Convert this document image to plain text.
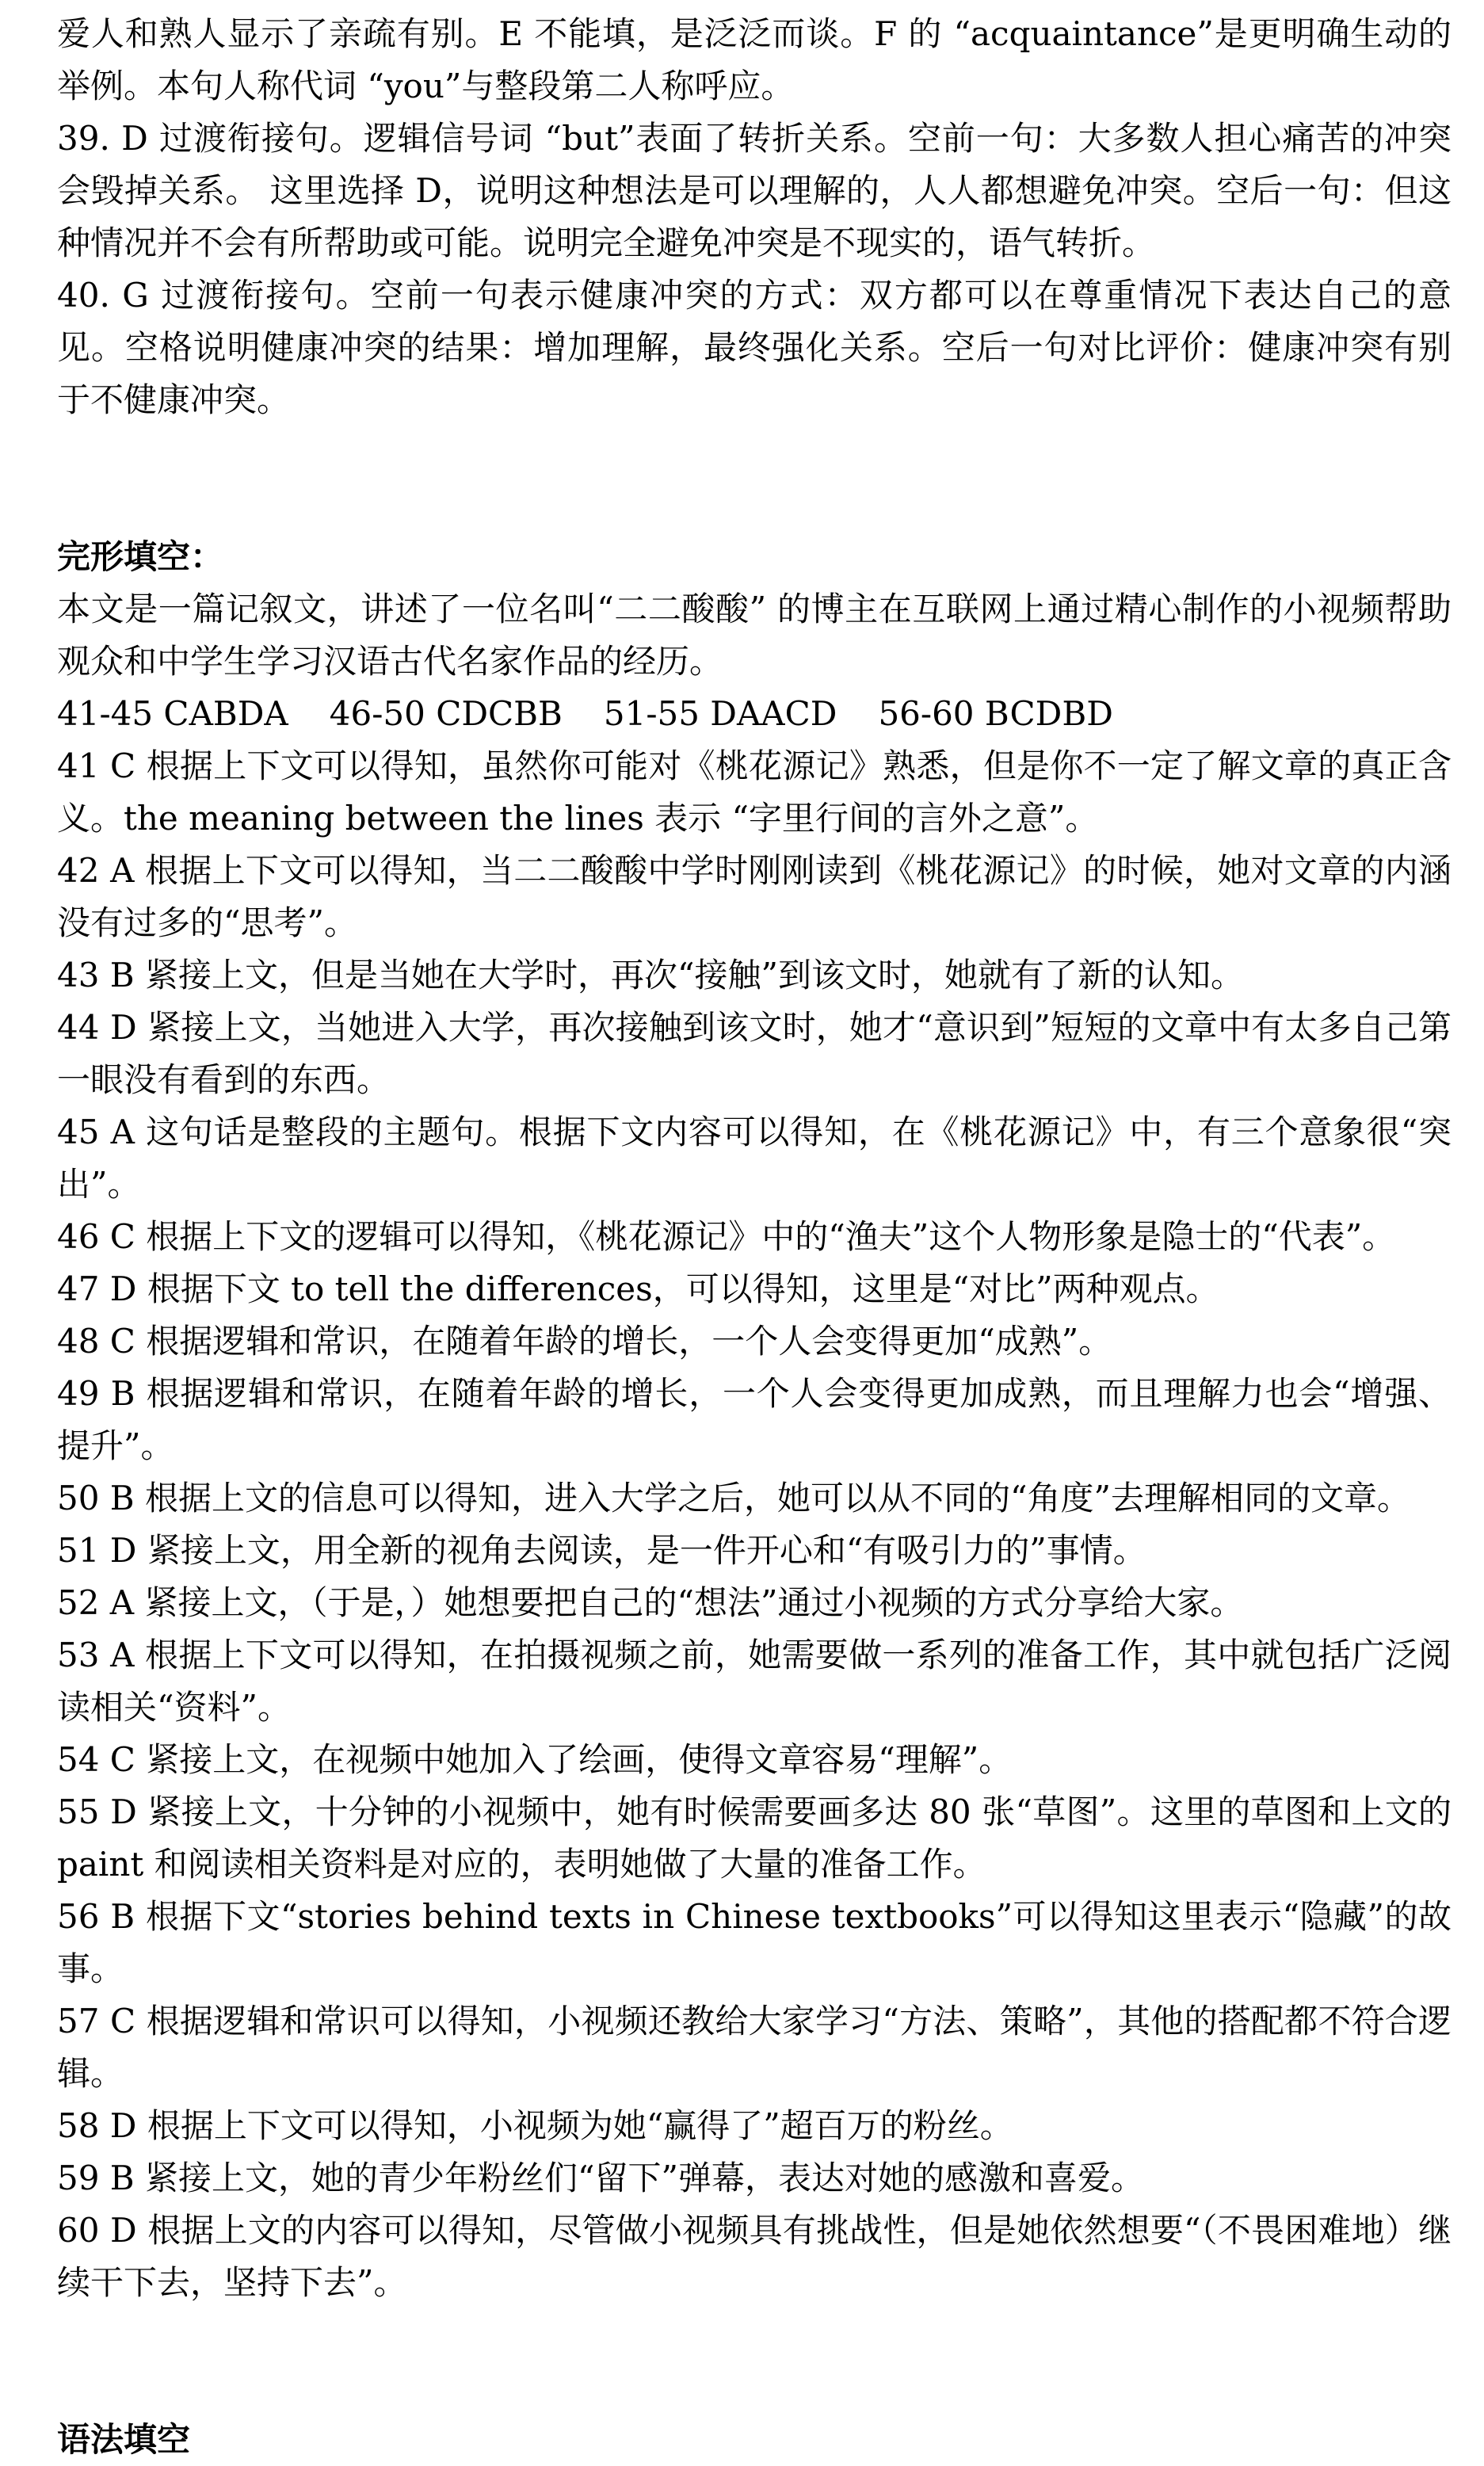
爱人和熟人显示了亲疏有别。E 不能填，是泛泛而谈。F 的 “acquaintance”是更明确生动的举例。本句人称代词 “you”与整段第二人称呼应。

39. D 过渡衔接句。逻辑信号词 “but”表面了转折关系。空前一句：大多数人担心痛苦的冲突会毁掉关系。 这里选择 D，说明这种想法是可以理解的，人人都想避免冲突。空后一句：但这种情况并不会有所帮助或可能。说明完全避免冲突是不现实的，语气转折。

40. G 过渡衔接句。空前一句表示健康冲突的方式：双方都可以在尊重情况下表达自己的意见。空格说明健康冲突的结果：增加理解，最终强化关系。空后一句对比评价：健康冲突有别于不健康冲突。

完形填空：

本文是一篇记叙文，讲述了一位名叫“二二酸酸” 的博主在互联网上通过精心制作的小视频帮助观众和中学生学习汉语古代名家作品的经历。

41-45 CABDA 46-50 CDCBB 51-55 DAACD 56-60 BCDBD

41 C 根据上下文可以得知，虽然你可能对《桃花源记》熟悉，但是你不一定了解文章的真正含义。the meaning between the lines 表示 “字里行间的言外之意”。

42 A 根据上下文可以得知，当二二酸酸中学时刚刚读到《桃花源记》的时候，她对文章的内涵没有过多的“思考”。

43 B 紧接上文，但是当她在大学时，再次“接触”到该文时，她就有了新的认知。

44 D 紧接上文，当她进入大学，再次接触到该文时，她才“意识到”短短的文章中有太多自己第一眼没有看到的东西。

45 A 这句话是整段的主题句。根据下文内容可以得知，在《桃花源记》中，有三个意象很“突出”。

46 C 根据上下文的逻辑可以得知，《桃花源记》中的“渔夫”这个人物形象是隐士的“代表”。

47 D 根据下文 to tell the differences，可以得知，这里是“对比”两种观点。

48 C 根据逻辑和常识，在随着年龄的增长，一个人会变得更加“成熟”。

49 B 根据逻辑和常识，在随着年龄的增长，一个人会变得更加成熟，而且理解力也会“增强、提升”。

50 B 根据上文的信息可以得知，进入大学之后，她可以从不同的“角度”去理解相同的文章。

51 D 紧接上文，用全新的视角去阅读，是一件开心和“有吸引力的”事情。

52 A 紧接上文，（于是，）她想要把自己的“想法”通过小视频的方式分享给大家。

53 A 根据上下文可以得知，在拍摄视频之前，她需要做一系列的准备工作，其中就包括广泛阅读相关“资料”。

54 C 紧接上文，在视频中她加入了绘画，使得文章容易“理解”。

55 D 紧接上文，十分钟的小视频中，她有时候需要画多达 80 张“草图”。这里的草图和上文的 paint 和阅读相关资料是对应的，表明她做了大量的准备工作。

56 B 根据下文“stories behind texts in Chinese textbooks”可以得知这里表示“隐藏”的故事。

57 C 根据逻辑和常识可以得知，小视频还教给大家学习“方法、策略”，其他的搭配都不符合逻辑。

58 D 根据上下文可以得知，小视频为她“赢得了”超百万的粉丝。

59 B 紧接上文，她的青少年粉丝们“留下”弹幕，表达对她的感激和喜爱。

60 D 根据上文的内容可以得知，尽管做小视频具有挑战性，但是她依然想要“（不畏困难地）继续干下去，坚持下去”。

语法填空
